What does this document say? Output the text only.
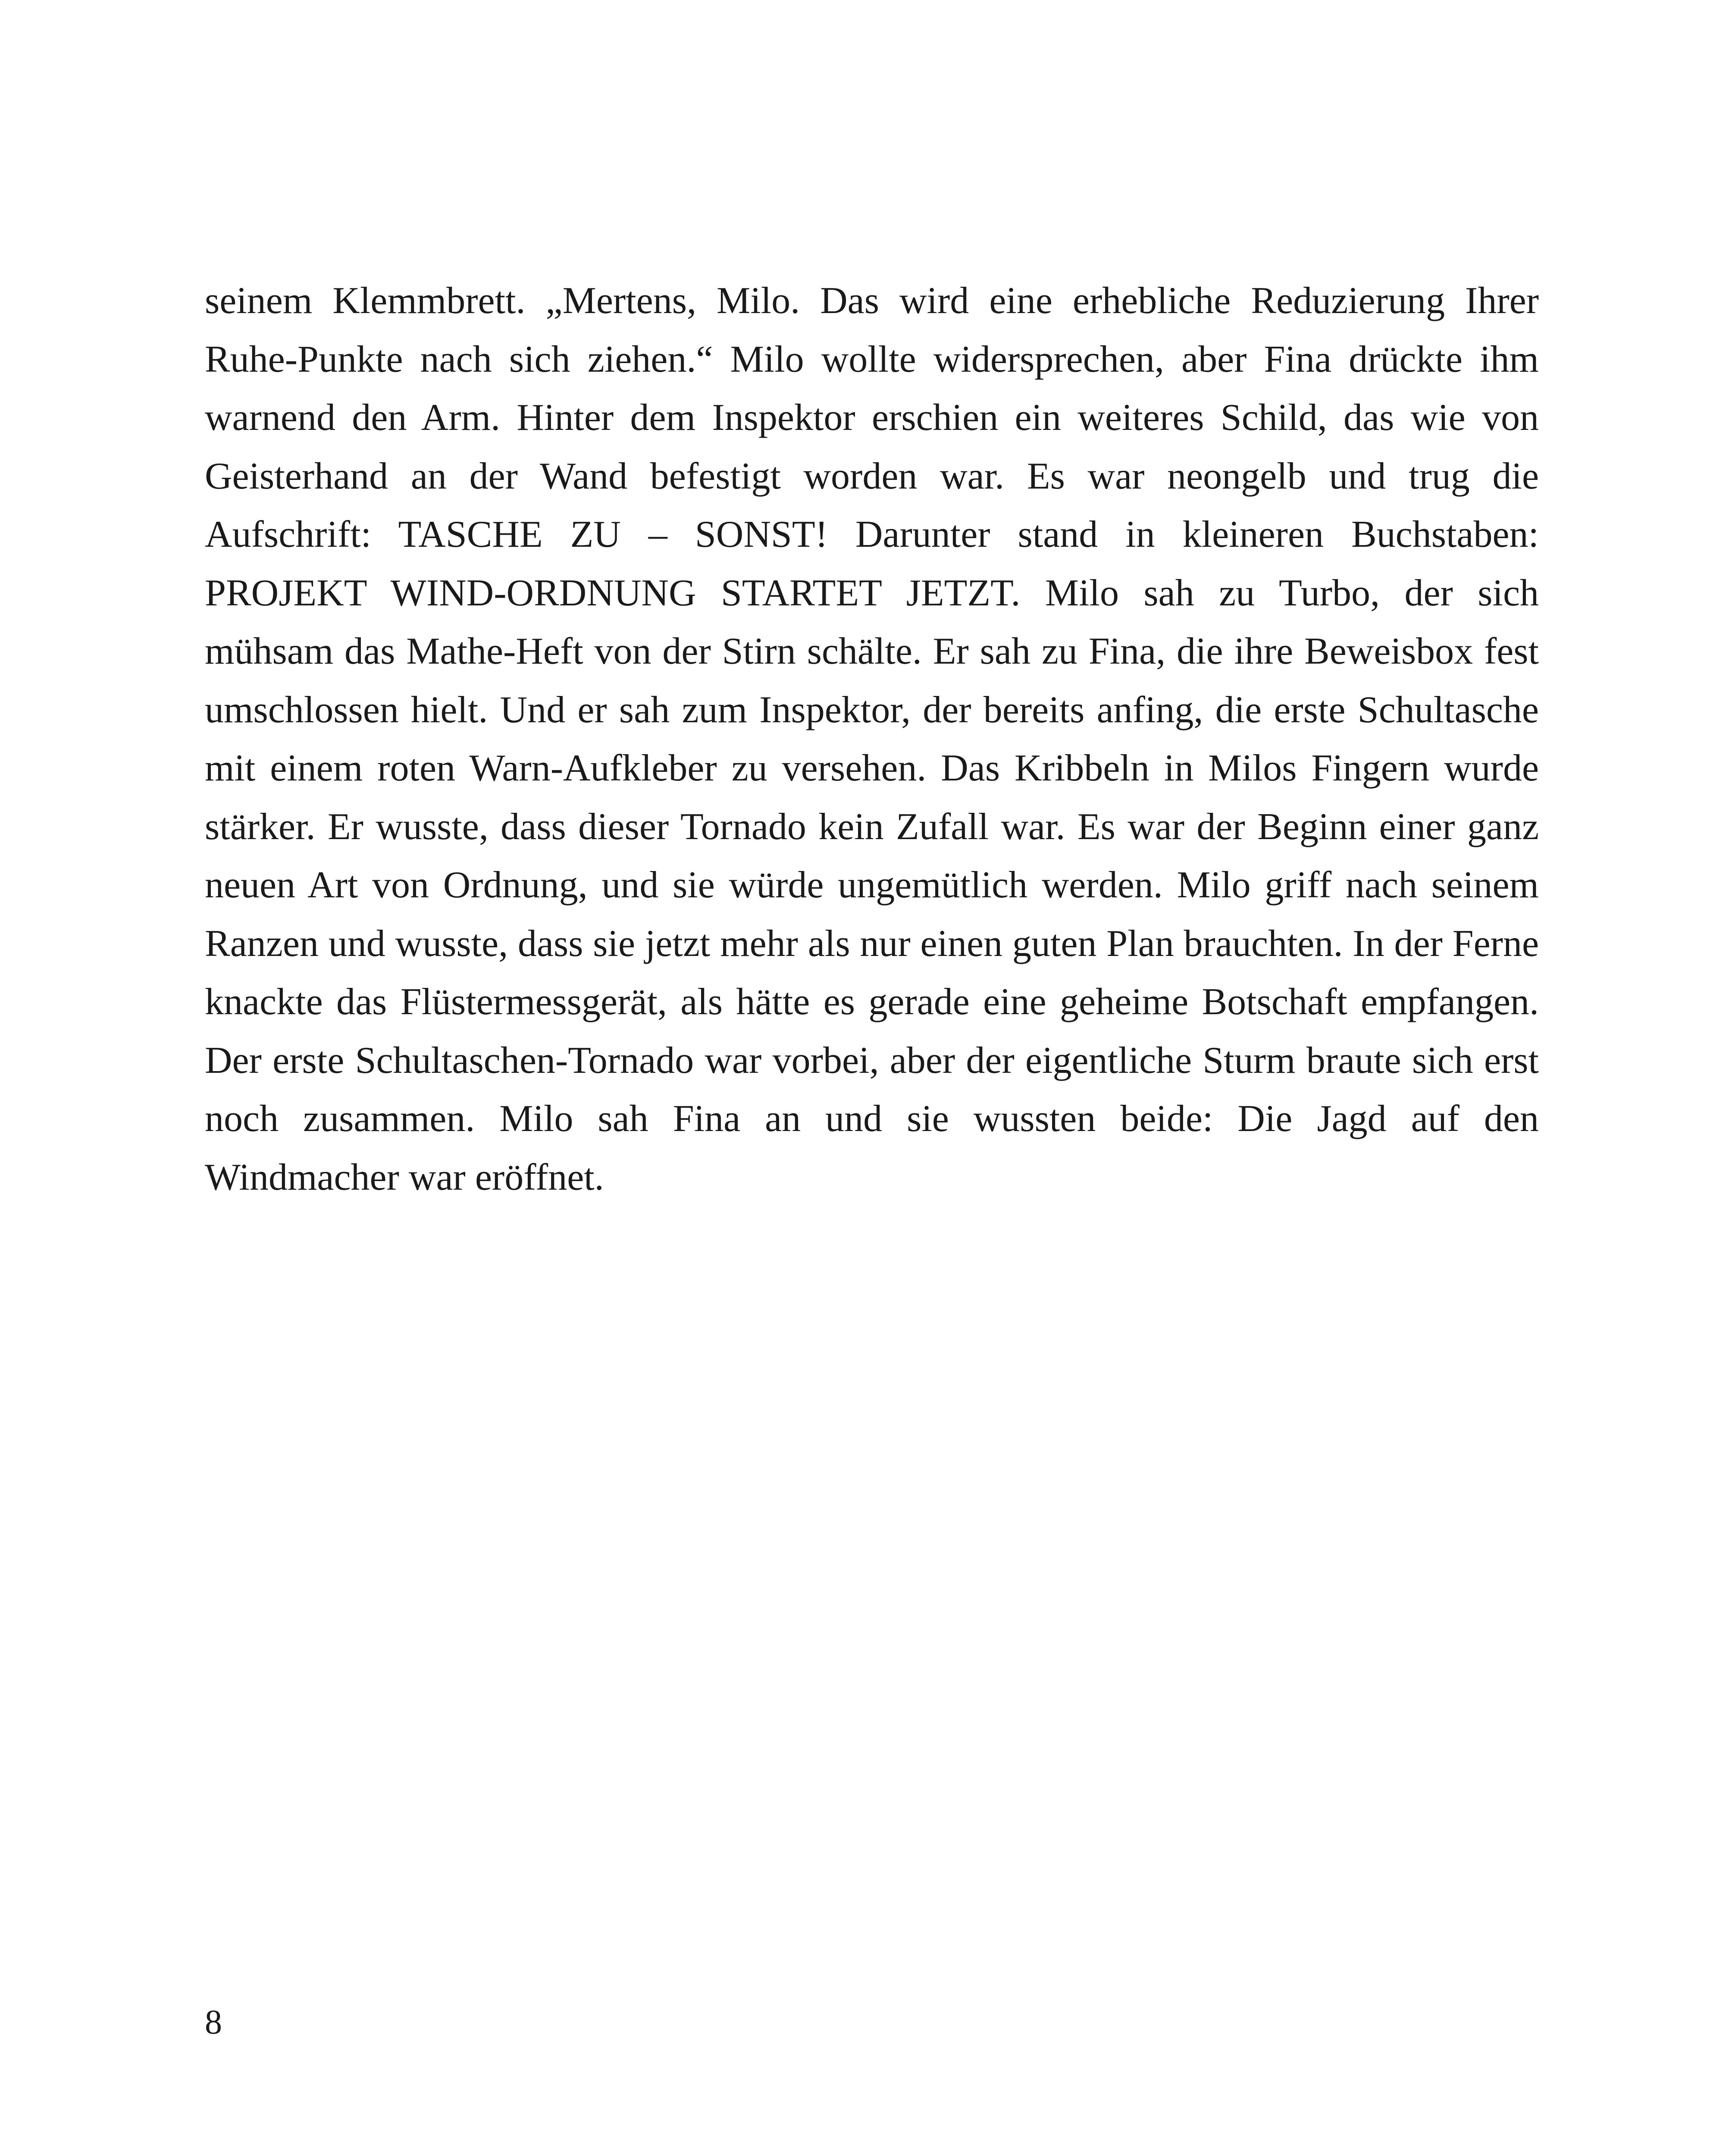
seinem Klemmbrett. „Mertens, Milo. Das wird eine erhebliche Reduzierung Ihrer Ruhe-Punkte nach sich ziehen.“ Milo wollte widersprechen, aber Fina drückte ihm warnend den Arm. Hinter dem Inspektor erschien ein weiteres Schild, das wie von Geisterhand an der Wand befestigt worden war. Es war neongelb und trug die Aufschrift: TASCHE ZU – SONST! Darunter stand in kleineren Buchstaben: PROJEKT WIND-ORDNUNG STARTET JETZT. Milo sah zu Turbo, der sich mühsam das Mathe-Heft von der Stirn schälte. Er sah zu Fina, die ihre Beweisbox fest umschlossen hielt. Und er sah zum Inspektor, der bereits anfing, die erste Schultasche mit einem roten Warn-Aufkleber zu versehen. Das Kribbeln in Milos Fingern wurde stärker. Er wusste, dass dieser Tornado kein Zufall war. Es war der Beginn einer ganz neuen Art von Ordnung, und sie würde ungemütlich werden. Milo griff nach seinem Ranzen und wusste, dass sie jetzt mehr als nur einen guten Plan brauchten. In der Ferne knackte das Flüstermessgerät, als hätte es gerade eine geheime Botschaft empfangen. Der erste Schultaschen-Tornado war vorbei, aber der eigentliche Sturm braute sich erst noch zusammen. Milo sah Fina an und sie wussten beide: Die Jagd auf den Windmacher war eröffnet.

8
